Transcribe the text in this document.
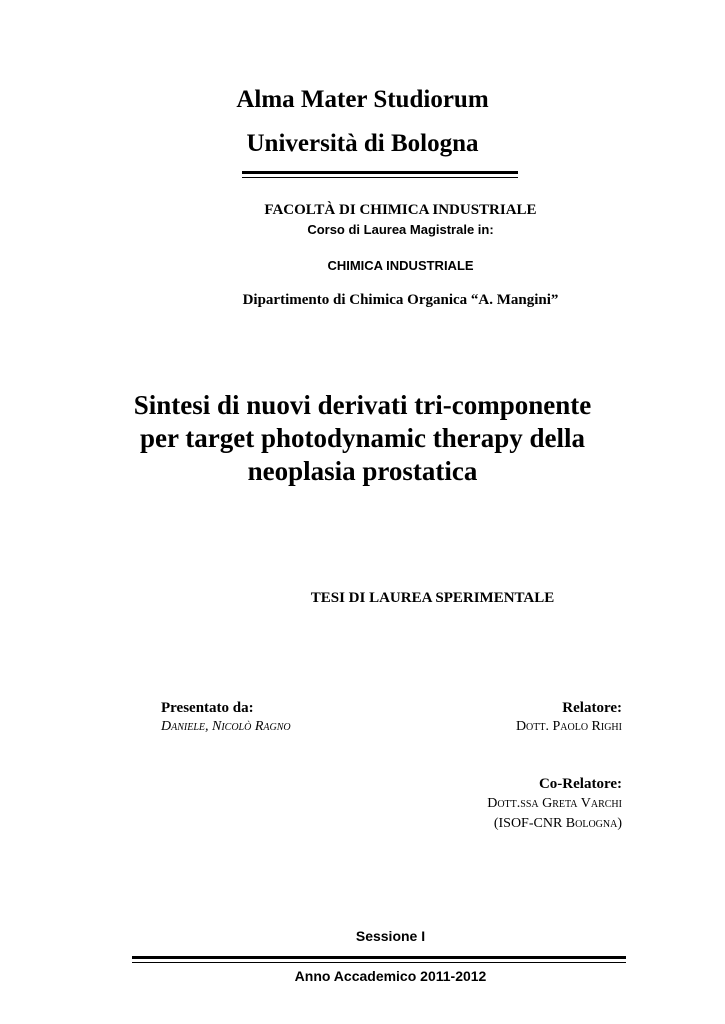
Alma Mater Studiorum
Università di Bologna
FACOLTÀ DI CHIMICA INDUSTRIALE
Corso di Laurea Magistrale in:
CHIMICA INDUSTRIALE
Dipartimento di Chimica Organica “A. Mangini”
Sintesi di nuovi derivati tri-componente
per target photodynamic therapy della
neoplasia prostatica
TESI DI LAUREA SPERIMENTALE
Presentato da:
Daniele, Nicolò Ragno
Relatore:
Dott. Paolo Righi
Co-Relatore:
Dott.ssa Greta Varchi
(ISOF-CNR Bologna)
Sessione I
Anno Accademico 2011-2012
